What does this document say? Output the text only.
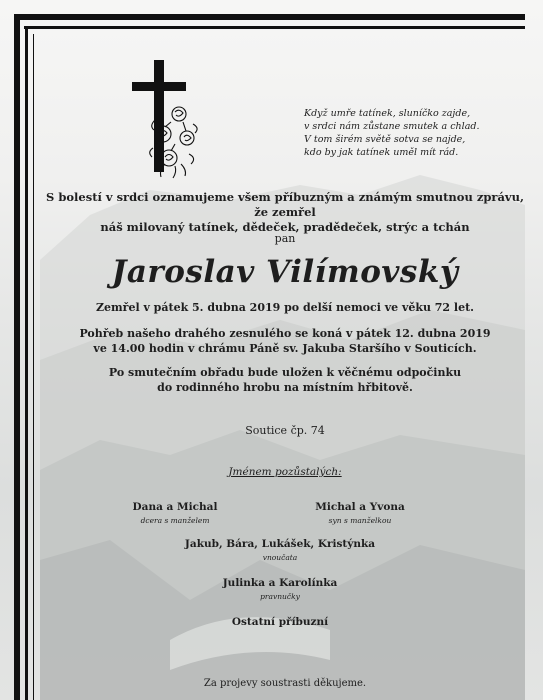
Když umře tatínek, sluníčko zajde,
v srdci nám zůstane smutek a chlad.
V tom širém světě sotva se najde,
kdo by jak tatínek uměl mít rád.
S bolestí v srdci oznamujeme všem příbuzným a známým smutnou zprávu, že zemřel
náš milovaný tatínek, dědeček, pradědeček, strýc a tchán
pan
Jaroslav Vilímovský
Zemřel v pátek 5. dubna 2019 po delší nemoci ve věku 72 let.
Pohřeb našeho drahého zesnulého se koná v pátek 12. dubna 2019
ve 14.00 hodin v chrámu Páně sv. Jakuba Staršího v Souticích.
Po smutečním obřadu bude uložen k věčnému odpočinku
do rodinného hrobu na místním hřbitově.
Soutice čp. 74
Jménem pozůstalých:
Dana a Michal
dcera s manželem
Michal a Yvona
syn s manželkou
Jakub, Bára, Lukášek, Kristýnka
vnoučata
Julinka a Karolínka
pravnučky
Ostatní příbuzní
Za projevy soustrasti děkujeme.
